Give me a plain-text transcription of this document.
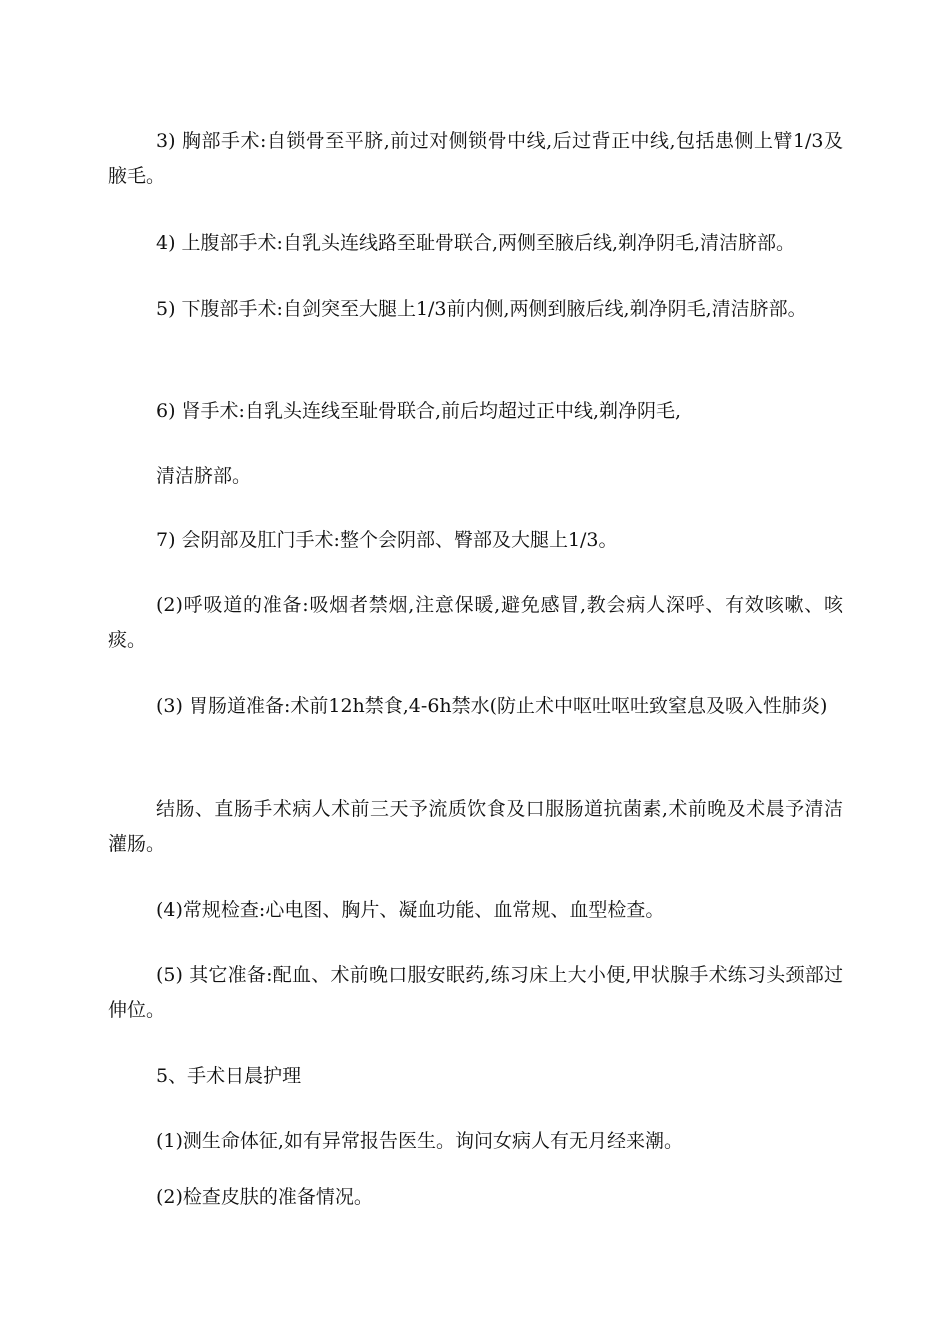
3) 胸部手术:自锁骨至平脐,前过对侧锁骨中线,后过背正中线,包括患侧上臂1/3及腋毛。

4) 上腹部手术:自乳头连线路至耻骨联合,两侧至腋后线,剃净阴毛,清洁脐部。

5) 下腹部手术:自剑突至大腿上1/3前内侧,两侧到腋后线,剃净阴毛,清洁脐部。

6) 肾手术:自乳头连线至耻骨联合,前后均超过正中线,剃净阴毛,

清洁脐部。

7) 会阴部及肛门手术:整个会阴部、臀部及大腿上1/3。

(2)呼吸道的准备:吸烟者禁烟,注意保暖,避免感冒,教会病人深呼、有效咳嗽、咳痰。

(3) 胃肠道准备:术前12h禁食,4-6h禁水(防止术中呕吐呕吐致窒息及吸入性肺炎)

结肠、直肠手术病人术前三天予流质饮食及口服肠道抗菌素,术前晚及术晨予清洁灌肠。

(4)常规检查:心电图、胸片、凝血功能、血常规、血型检查。

(5) 其它准备:配血、术前晚口服安眠药,练习床上大小便,甲状腺手术练习头颈部过伸位。

5、手术日晨护理

(1)测生命体征,如有异常报告医生。询问女病人有无月经来潮。

(2)检查皮肤的准备情况。
